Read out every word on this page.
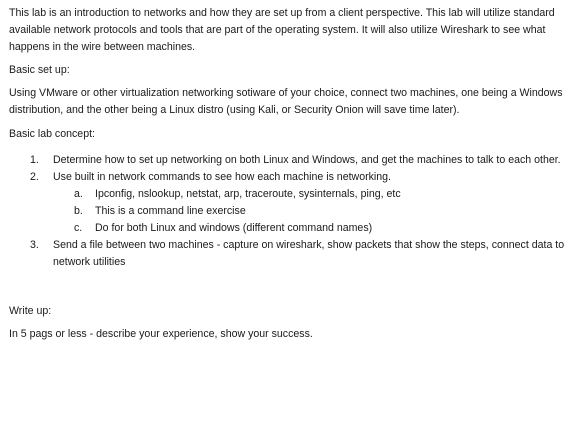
This lab is an introduction to networks and how they are set up from a client perspective. This lab will utilize standard available network protocols and tools that are part of the operating system. It will also utilize Wireshark to see what happens in the wire between machines.

Basic set up:

Using VMware or other virtualization networking sotiware of your choice, connect two machines, one being a Windows distribution, and the other being a Linux distro (using Kali, or Security Onion will save time later).

Basic lab concept:

1. Determine how to set up networking on both Linux and Windows, and get the machines to talk to each other.
2. Use built in network commands to see how each machine is networking.
a. Ipconfig, nslookup, netstat, arp, traceroute, sysinternals, ping, etc
b. This is a command line exercise
c. Do for both Linux and windows (different command names)
3. Send a file between two machines - capture on wireshark, show packets that show the steps, connect data to network utilities

Write up:

In 5 pags or less - describe your experience, show your success.
